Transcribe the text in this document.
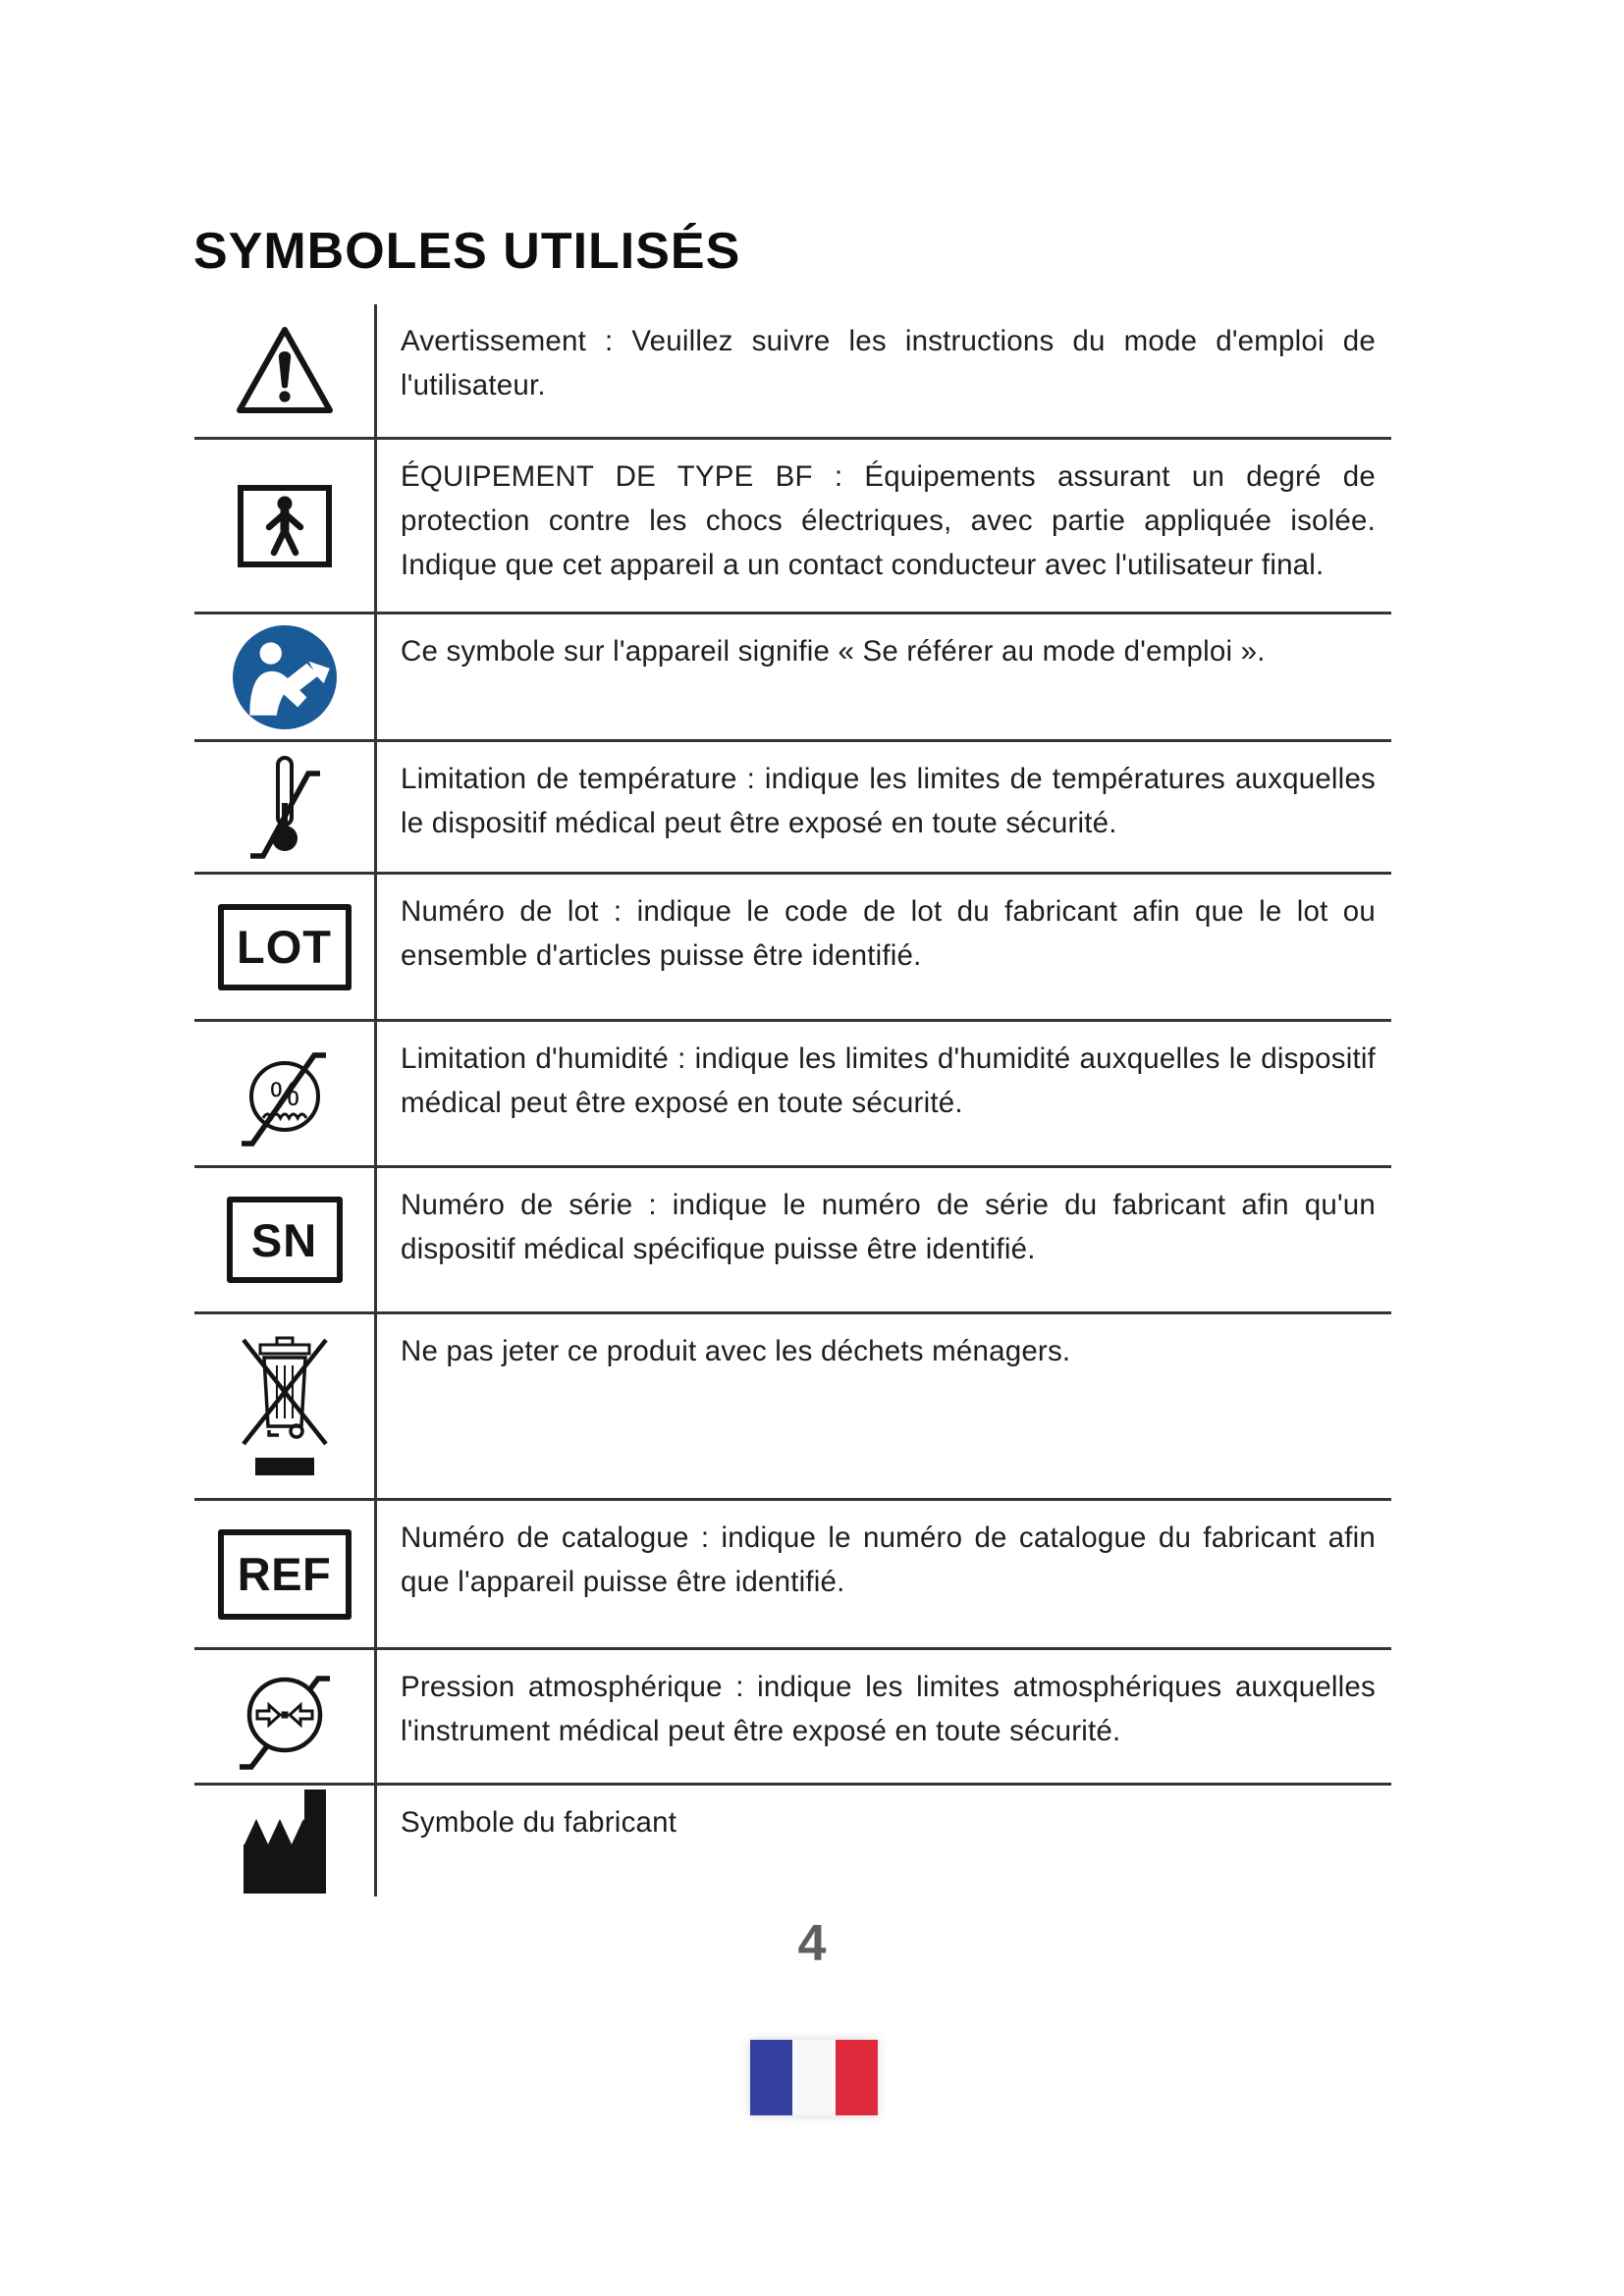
SYMBOLES UTILISÉS
Avertissement : Veuillez suivre les instructions du mode d'emploi de l'utilisateur.
ÉQUIPEMENT DE TYPE BF : Équipements assurant un degré de protection contre les chocs électriques, avec partie appliquée isolée. Indique que cet appareil a un contact conducteur avec l'utilisateur final.
Ce symbole sur l'appareil signifie « Se référer au mode d'emploi ».
Limitation de température : indique les limites de températures auxquelles le dispositif médical peut être exposé en toute sécurité.
LOT
Numéro de lot : indique le code de lot du fabricant afin que le lot ou ensemble d'articles puisse être identifié.
%
Limitation d'humidité : indique les limites d'humidité auxquelles le dispositif médical peut être exposé en toute sécurité.
SN
Numéro de série : indique le numéro de série du fabricant afin qu'un dispositif médical spécifique puisse être identifié.
Ne pas jeter ce produit avec les déchets ménagers.
REF
Numéro de catalogue : indique le numéro de catalogue du fabricant afin que l'appareil puisse être identifié.
Pression atmosphérique : indique les limites atmosphériques auxquelles l'instrument médical peut être exposé en toute sécurité.
Symbole du fabricant
4
